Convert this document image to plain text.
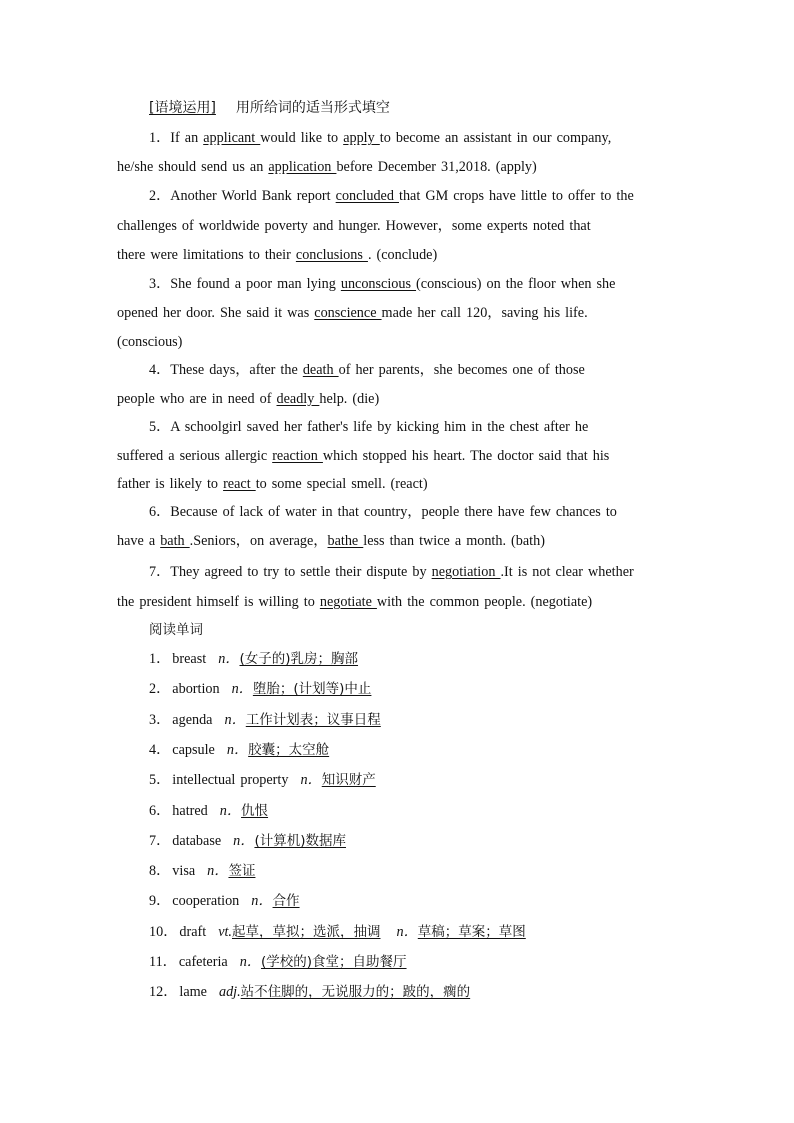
[语境运用] 用所给词的适当形式填空
1．If an applicant would like to apply to become an assistant in our company,
he/she should send us an application before December 31,2018. (apply)
2．Another World Bank report concluded that GM crops have little to offer to the
challenges of worldwide poverty and hunger. However，some experts noted that
there were limitations to their conclusions . (conclude)
3．She found a poor man lying unconscious (conscious) on the floor when she
opened her door. She said it was conscience made her call 120，saving his life.
(conscious)
4．These days，after the death of her parents，she becomes one of those
people who are in need of deadly help. (die)
5．A schoolgirl saved her father's life by kicking him in the chest after he
suffered a serious allergic reaction which stopped his heart. The doctor said that his
father is likely to react to some special smell. (react)
6．Because of lack of water in that country，people there have few chances to
have a bath .Seniors，on average，bathe less than twice a month. (bath)
7．They agreed to try to settle their dispute by negotiation .It is not clear whether
the president himself is willing to negotiate with the common people. (negotiate)
阅读单词
1． breast n．(女子的)乳房；胸部
2． abortion n．堕胎；(计划等)中止
3． agenda n．工作计划表；议事日程
4． capsule n．胶囊；太空舱
5． intellectual property n．知识财产
6． hatred n．仇恨
7． database n．(计算机)数据库
8． visa n．签证
9． cooperation n．合作
10． draft vt.起草，草拟；选派，抽调 n．草稿；草案；草图
11． cafeteria n．(学校的)食堂；自助餐厅
12． lame adj.站不住脚的，无说服力的；跛的，瘸的
